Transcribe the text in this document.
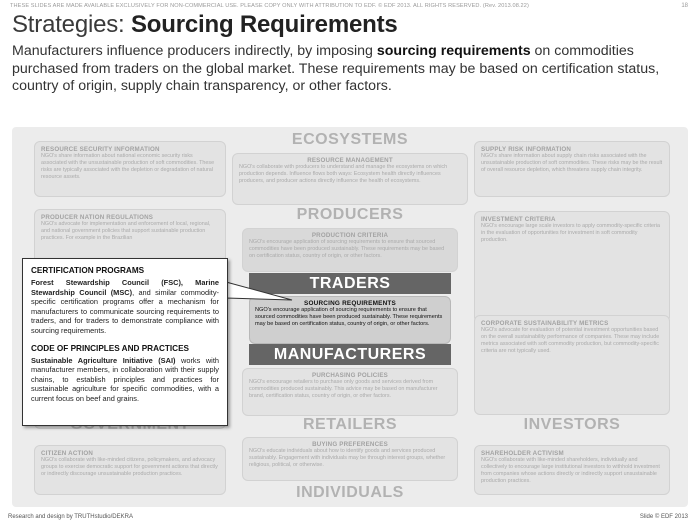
THESE SLIDES ARE MADE AVAILABLE EXCLUSIVELY FOR NON-COMMERCIAL USE. PLEASE COPY ONLY WITH ATTRIBUTION TO EDF. © EDF 2013. ALL RIGHTS RESERVED. (Rev. 2013.08.22)	18
Strategies: Sourcing Requirements
Manufacturers influence producers indirectly, by imposing sourcing requirements on commodities purchased from traders on the global market. These requirements may be based on certification status, country of origin, supply chain transparency, or other factors.
ECOSYSTEMS
RESOURCE MANAGEMENT
NGO's collaborate with producers to understand and manage the ecosystems on which production depends. Influence flows both ways: Ecosystem health directly influences producers, and producer actions directly influence the health of ecosystems.
PRODUCERS
PRODUCTION CRITERIA
NGO's encourage application of sourcing requirements to ensure that sourced commodities have been produced sustainably. These requirements may be based on certification status, country of origin, or other factors.
TRADERS
SOURCING REQUIREMENTS
NGO's encourage application of sourcing requirements to ensure that sourced commodities have been produced sustainably. These requirements may be based on certification status, country of origin, or other factors.
MANUFACTURERS
PURCHASING POLICIES
NGO's encourage retailers to purchase only goods and services derived from commodities produced sustainably. This advice may be based on manufacturer brand, certification status, country of origin, or other factors.
RETAILERS
BUYING PREFERENCES
NGO's educate individuals about how to identify goods and services produced sustainably. Engagement with individuals may be through interest groups, whether religious, political, or otherwise.
INDIVIDUALS
RESOURCE SECURITY INFORMATION
NGO's share information about national economic security risks associated with the unsustainable production of soft commodities. These risks are typically associated with the depletion or degradation of natural resource assets.
PRODUCER NATION REGULATIONS
NGO's advocate for implementation and enforcement of local, regional, and national government policies that support sustainable production practices. For example in the Brazilian
CITIZEN ACTION
NGO's collaborate with like-minded citizens, policymakers, and advocacy groups to exercise democratic support for government actions that directly or indirectly discourage unsustainable production practices.
SUPPLY RISK INFORMATION
NGO's share information about supply chain risks associated with the unsustainable production of soft commodities. These risks may be the result of overall resource depletion, which threatens supply chain integrity.
INVESTMENT CRITERIA
NGO's encourage large scale investors to apply commodity-specific criteria in the evaluation of opportunities for investment in soft commodity production.
CORPORATE SUSTAINABILITY METRICS
NGO's advocate for evaluation of potential investment opportunities based on the overall sustainability performance of companies. These may include metrics associated with soft commodity production, but commodity-specific criteria are not typically used.
INVESTORS
SHAREHOLDER ACTIVISM
NGO's collaborate with like-minded shareholders, individually and collectively to encourage large institutional investors to withhold investment from companies whose actions directly or indirectly support unsustainable production practices.
CERTIFICATION PROGRAMS
Forest Stewardship Council (FSC), Marine Stewardship Council (MSC), and similar commodity-specific certification programs offer a mechanism for manufacturers to communicate sourcing requirements to traders, and for traders to demonstrate compliance with sourcing requirements.
CODE OF PRINCIPLES AND PRACTICES
Sustainable Agriculture Initiative (SAI) works with manufacturer members, in collaboration with their supply chains, to establish principles and practices for sustainable agriculture for specific commodities, with a current focus on beef and grains.
Research and design by TRUTHstudio/DEKRA	Slide © EDF 2013
